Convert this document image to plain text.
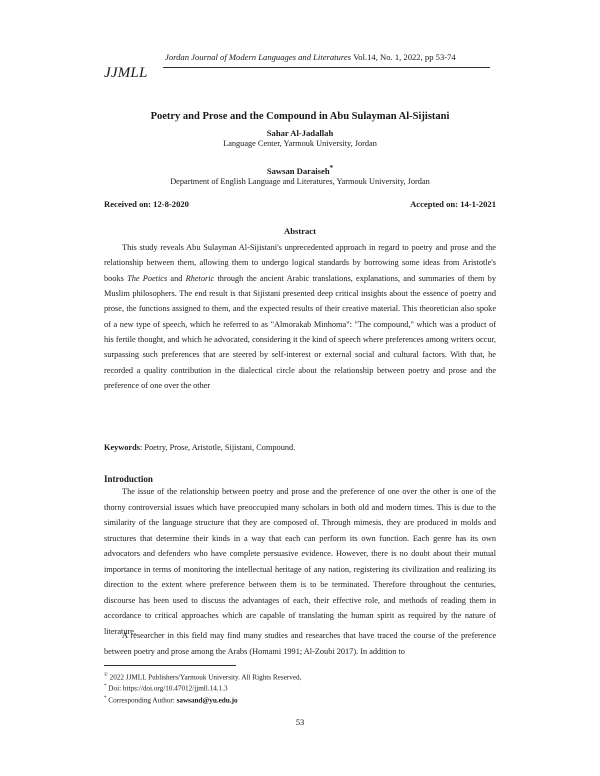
Jordan Journal of Modern Languages and Literatures Vol.14, No. 1, 2022, pp 53-74
JJMLL
Poetry and Prose and the Compound in Abu Sulayman Al-Sijistani
Sahar Al-Jadallah
Language Center, Yarmouk University, Jordan
Sawsan Daraiseh*
Department of English Language and Literatures, Yarmouk University, Jordan
Received on: 12-8-2020	Accepted on: 14-1-2021
Abstract

This study reveals Abu Sulayman Al-Sijistani's unprecedented approach in regard to poetry and prose and the relationship between them, allowing them to undergo logical standards by borrowing some ideas from Aristotle's books The Poetics and Rhetoric through the ancient Arabic translations, explanations, and summaries of them by Muslim philosophers. The end result is that Sijistani presented deep critical insights about the essence of poetry and prose, the functions assigned to them, and the expected results of their creative material. This theoretician also spoke of a new type of speech, which he referred to as "Almorakab Minhoma": "The compound," which was a product of his fertile thought, and which he advocated, considering it the kind of speech where preferences among writers occur, surpassing such preferences that are steered by self-interest or external social and cultural factors. With that, he recorded a quality contribution in the dialectical circle about the relationship between poetry and prose and the preference of one over the other

Keywords: Poetry, Prose, Aristotle, Sijistani, Compound.
Introduction

The issue of the relationship between poetry and prose and the preference of one over the other is one of the thorny controversial issues which have preoccupied many scholars in both old and modern times. This is due to the similarity of the language structure that they are composed of. Through mimesis, they are produced in molds and structures that determine their kinds in a way that each can perform its own function. Each genre has its own advocators and defenders who have complete persuasive evidence. However, there is no doubt about their mutual importance in terms of monitoring the intellectual heritage of any nation, registering its civilization and realizing its direction to the extent where preference between them is to be terminated. Therefore throughout the centuries, discourse has been used to discuss the advantages of each, their effective role, and methods of reading them in accordance to critical approaches which are capable of translating the human spirit as required by the nature of literature.

A researcher in this field may find many studies and researches that have traced the course of the preference between poetry and prose among the Arabs (Homami 1991; Al-Zoubi 2017). In addition to

© 2022 JJMLL Publishers/Yarmouk University. All Rights Reserved,
* Doi: https://doi.org/10.47012/jjmll.14.1.3
* Corresponding Author: sawsand@yu.edu.jo
53
